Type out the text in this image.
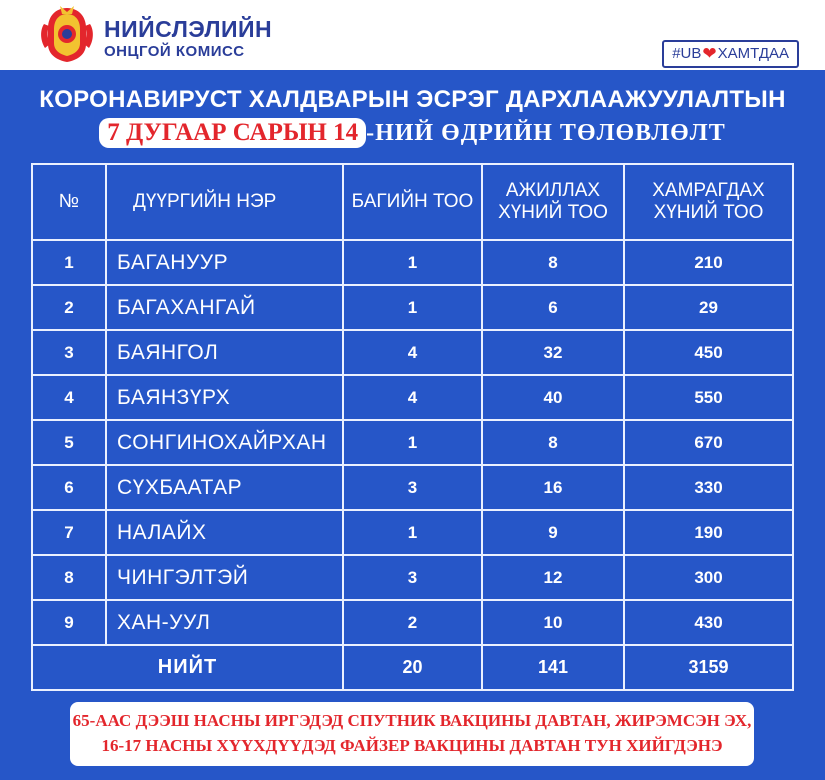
НИЙСЛЭЛИЙН
ОНЦГОЙ КОМИСС	#UB ❤ ХАМТДАА
КОРОНАВИРУСТ ХАЛДВАРЫН ЭСРЭГ ДАРХЛААЖУУЛАЛТЫН
7 ДУГААР САРЫН 14 -НИЙ ӨДРИЙН ТӨЛӨВЛӨЛТ
№	ДҮҮРГИЙН НЭР	БАГИЙН ТОО	АЖИЛЛАХ ХҮНИЙ ТОО	ХАМРАГДАХ ХҮНИЙ ТОО
1	БАГАНУУР	1	8	210
2	БАГАХАНГАЙ	1	6	29
3	БАЯНГОЛ	4	32	450
4	БАЯНЗҮРХ	4	40	550
5	СОНГИНОХАЙРХАН	1	8	670
6	СҮХБААТАР	3	16	330
7	НАЛАЙХ	1	9	190
8	ЧИНГЭЛТЭЙ	3	12	300
9	ХАН-УУЛ	2	10	430
НИЙТ		20	141	3159
65-ААС ДЭЭШ НАСНЫ ИРГЭДЭД СПУТНИК ВАКЦИНЫ ДАВТАН, ЖИРЭМСЭН ЭХ,
16-17 НАСНЫ ХҮҮХДҮҮДЭД ФАЙЗЕР ВАКЦИНЫ ДАВТАН ТУН ХИЙГДЭНЭ
